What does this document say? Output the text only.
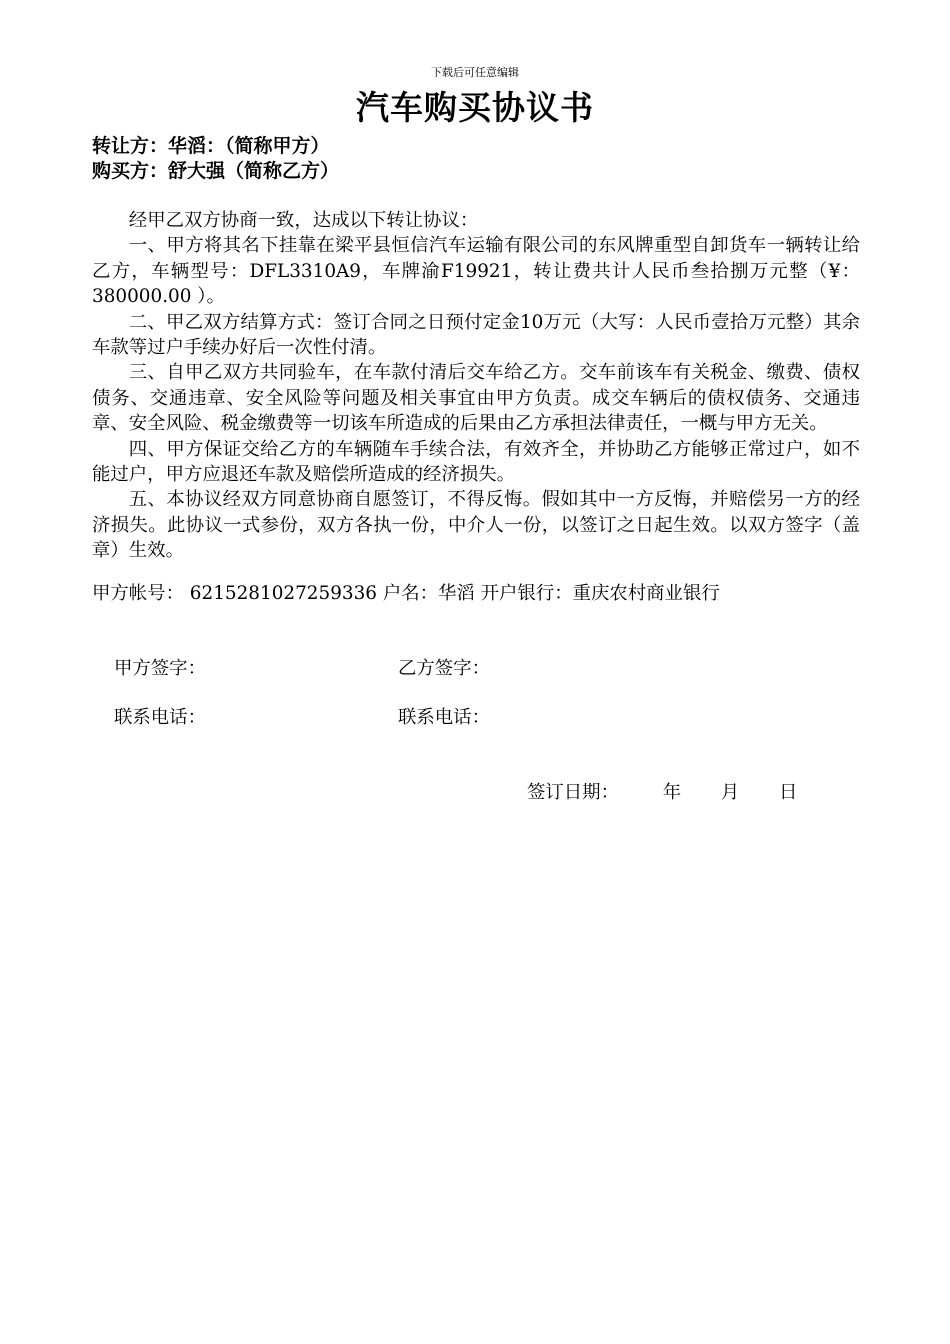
下载后可任意编辑
汽车购买协议书
转让方：华滔：（简称甲方）
购买方：舒大强（简称乙方）

经甲乙双方协商一致，达成以下转让协议：

一、甲方将其名下挂靠在梁平县恒信汽车运输有限公司的东风牌重型自卸货车一辆转让给乙方，车辆型号：DFL3310A9，车牌渝F19921，转让费共计人民币叁拾捌万元整（¥：380000.00 ）。

二、甲乙双方结算方式：签订合同之日预付定金10万元（大写：人民币壹拾万元整）其余车款等过户手续办好后一次性付清。

三、自甲乙双方共同验车，在车款付清后交车给乙方。交车前该车有关税金、缴费、债权债务、交通违章、安全风险等问题及相关事宜由甲方负责。成交车辆后的债权债务、交通违章、安全风险、税金缴费等一切该车所造成的后果由乙方承担法律责任，一概与甲方无关。

四、甲方保证交给乙方的车辆随车手续合法，有效齐全，并协助乙方能够正常过户，如不能过户，甲方应退还车款及赔偿所造成的经济损失。

五、本协议经双方同意协商自愿签订，不得反悔。假如其中一方反悔，并赔偿另一方的经济损失。此协议一式参份，双方各执一份，中介人一份，以签订之日起生效。以双方签字（盖章）生效。

甲方帐号： 6215281027259336 户名：华滔 开户银行：重庆农村商业银行
甲方签字：	乙方签字：
联系电话：	联系电话：
签订日期： 年 月 日
